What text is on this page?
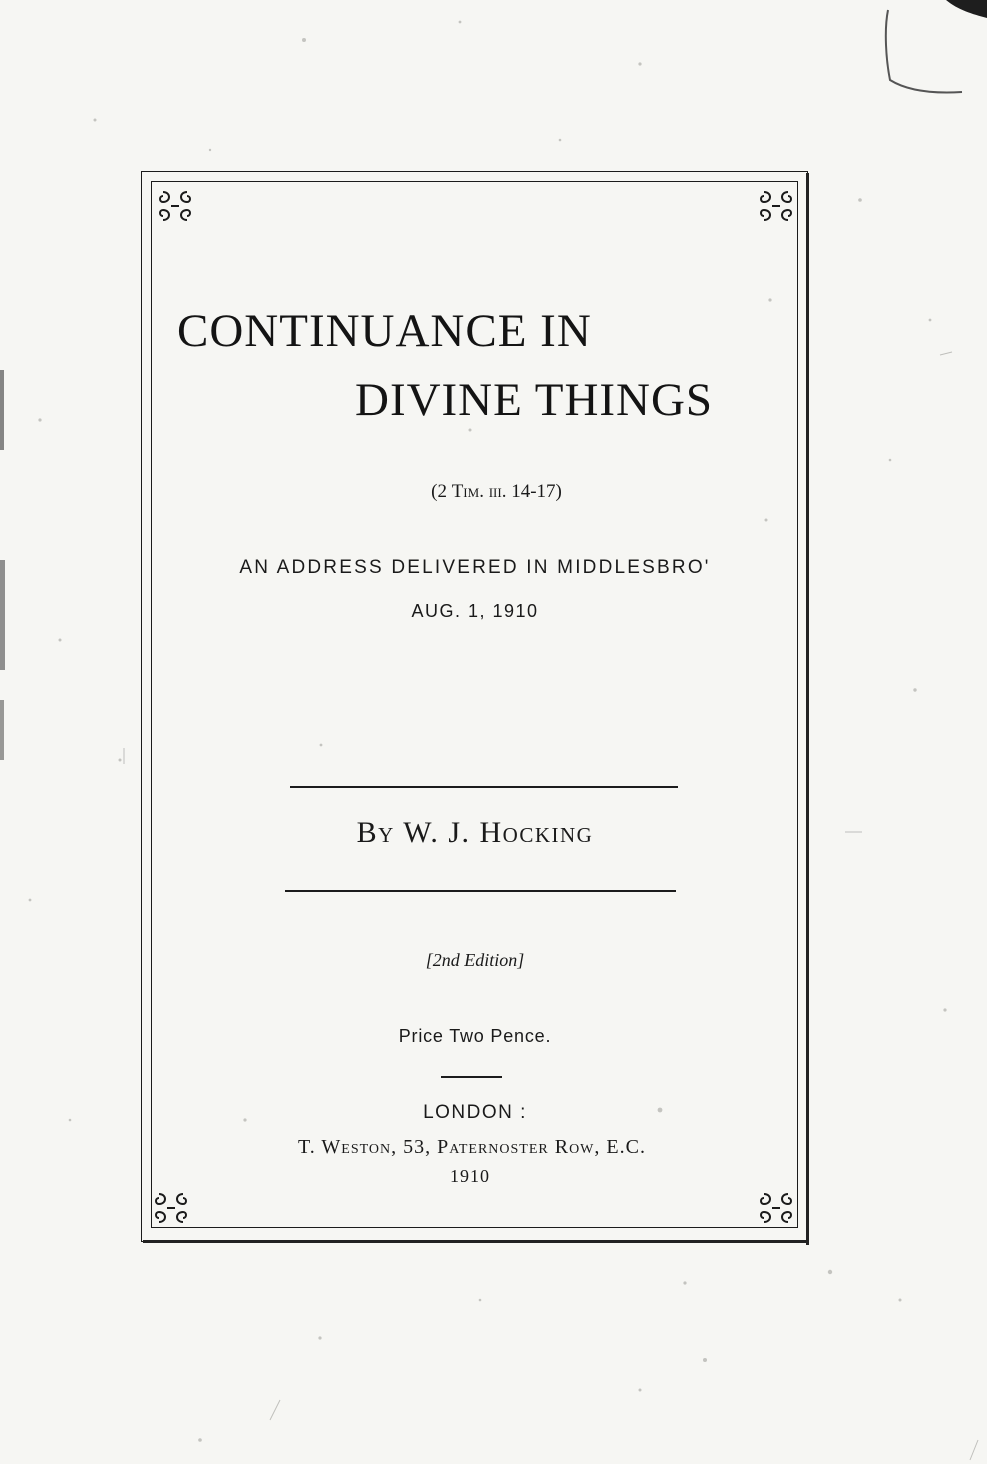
CONTINUANCE IN
DIVINE THINGS
(2 Tim. iii. 14-17)
AN ADDRESS DELIVERED IN MIDDLESBRO'
AUG. 1, 1910
By W. J. Hocking
[2nd Edition]
Price Two Pence.
LONDON :
T. Weston, 53, Paternoster Row, E.C.
1910
